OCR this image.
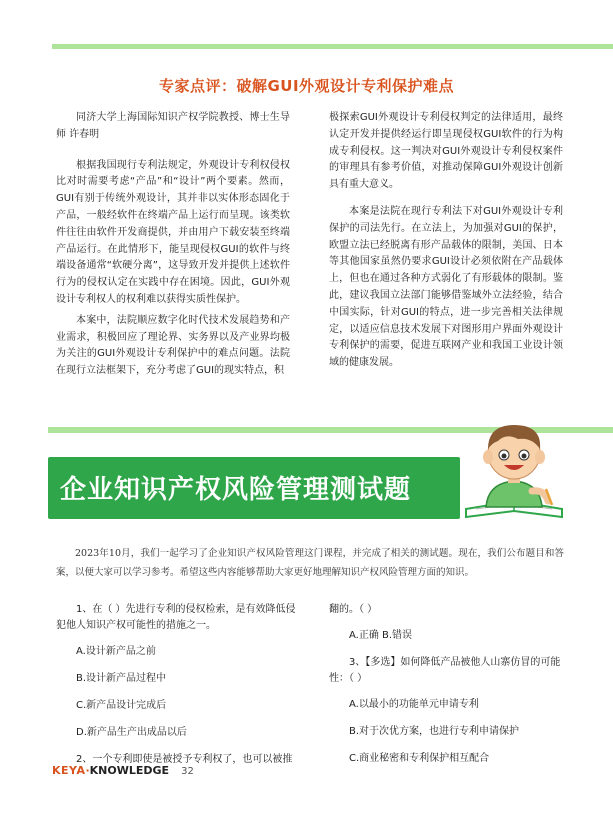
专家点评：破解GUI外观设计专利保护难点

同济大学上海国际知识产权学院教授、博士生导师 许春明

根据我国现行专利法规定，外观设计专利权侵权比对时需要考虑“产品”和“设计”两个要素。然而，GUI有别于传统外观设计，其并非以实体形态固化于产品，一般经软件在终端产品上运行而呈现。该类软件往往由软件开发商提供，并由用户下载安装至终端产品运行。在此情形下，能呈现侵权GUI的软件与终端设备通常“软硬分离”，这导致开发并提供上述软件行为的侵权认定在实践中存在困境。因此，GUI外观设计专利权人的权利难以获得实质性保护。

本案中，法院顺应数字化时代技术发展趋势和产业需求，积极回应了理论界、实务界以及产业界均极为关注的GUI外观设计专利保护中的难点问题。法院在现行立法框架下，充分考虑了GUI的现实特点，积

极探索GUI外观设计专利侵权判定的法律适用，最终认定开发并提供经运行即呈现侵权GUI软件的行为构成专利侵权。这一判决对GUI外观设计专利侵权案件的审理具有参考价值，对推动保障GUI外观设计创新具有重大意义。

本案是法院在现行专利法下对GUI外观设计专利保护的司法先行。在立法上，为加强对GUI的保护，欧盟立法已经脱离有形产品载体的限制，美国、日本等其他国家虽然仍要求GUI设计必须依附在产品载体上，但也在通过各种方式弱化了有形载体的限制。鉴此，建议我国立法部门能够借鉴域外立法经验，结合中国实际，针对GUI的特点，进一步完善相关法律规定，以适应信息技术发展下对图形用户界面外观设计专利保护的需要，促进互联网产业和我国工业设计领域的健康发展。

企业知识产权风险管理测试题

2023年10月，我们一起学习了企业知识产权风险管理这门课程，并完成了相关的测试题。现在，我们公布题目和答案，以便大家可以学习参考。希望这些内容能够帮助大家更好地理解知识产权风险管理方面的知识。

1、在（ ）先进行专利的侵权检索，是有效降低侵犯他人知识产权可能性的措施之一。

A.设计新产品之前

B.设计新产品过程中

C.新产品设计完成后

D.新产品生产出成品以后

2、一个专利即使是被授予专利权了，也可以被推

翻的。（ ）

A.正确 B.错误

3、【多选】如何降低产品被他人山寨仿冒的可能性：（ ）

A.以最小的功能单元申请专利

B.对于次优方案，也进行专利申请保护

C.商业秘密和专利保护相互配合

KEYA·KNOWLEDGE 32
